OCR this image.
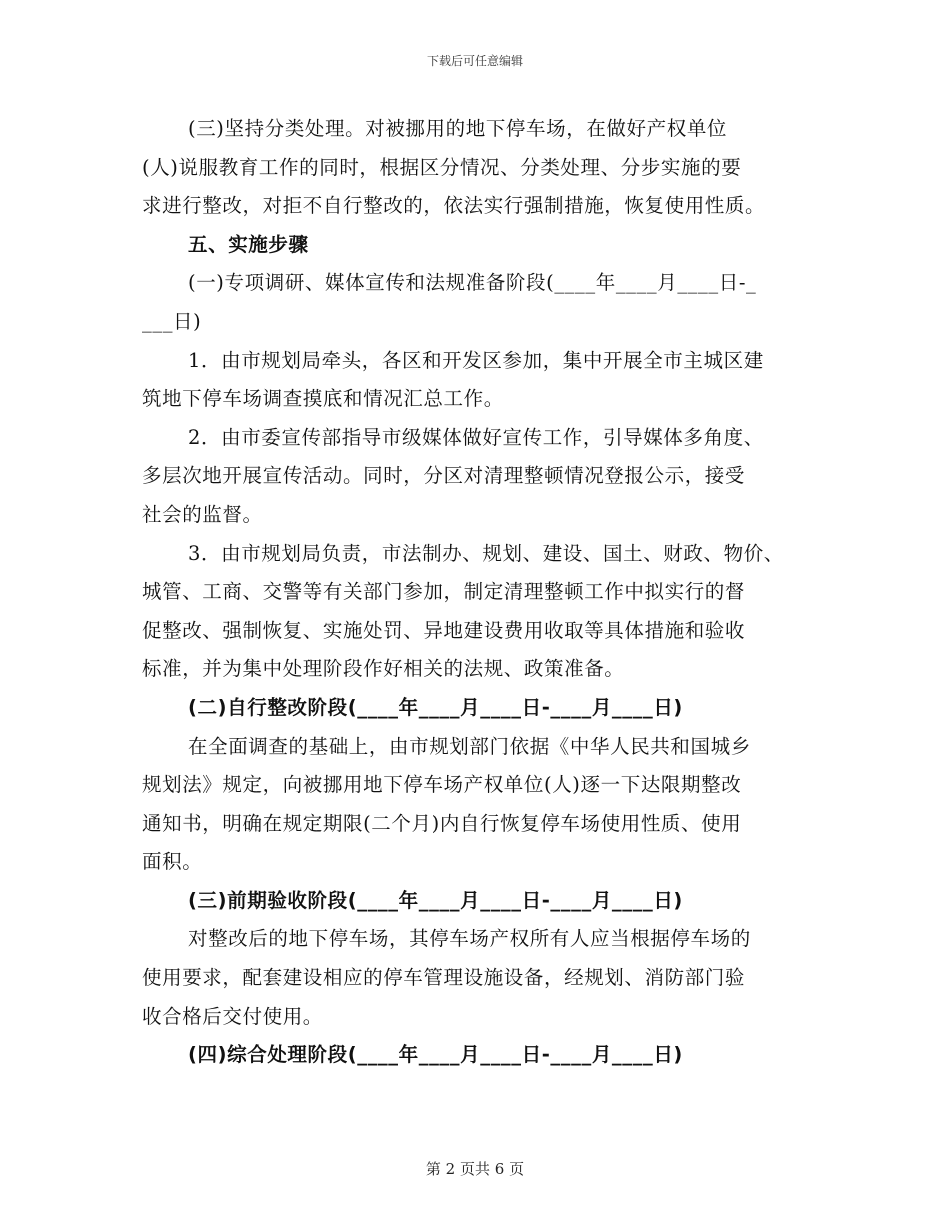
下载后可任意编辑
(三)坚持分类处理。对被挪用的地下停车场，在做好产权单位
(人)说服教育工作的同时，根据区分情况、分类处理、分步实施的要
求进行整改，对拒不自行整改的，依法实行强制措施，恢复使用性质。
五、实施步骤
(一)专项调研、媒体宣传和法规准备阶段(____年____月____日-_
___日)
1．由市规划局牵头，各区和开发区参加，集中开展全市主城区建
筑地下停车场调查摸底和情况汇总工作。
2．由市委宣传部指导市级媒体做好宣传工作，引导媒体多角度、
多层次地开展宣传活动。同时，分区对清理整顿情况登报公示，接受
社会的监督。
3．由市规划局负责，市法制办、规划、建设、国土、财政、物价、
城管、工商、交警等有关部门参加，制定清理整顿工作中拟实行的督
促整改、强制恢复、实施处罚、异地建设费用收取等具体措施和验收
标准，并为集中处理阶段作好相关的法规、政策准备。
(二)自行整改阶段(____年____月____日-____月____日)
在全面调查的基础上，由市规划部门依据《中华人民共和国城乡
规划法》规定，向被挪用地下停车场产权单位(人)逐一下达限期整改
通知书，明确在规定期限(二个月)内自行恢复停车场使用性质、使用
面积。
(三)前期验收阶段(____年____月____日-____月____日)
对整改后的地下停车场，其停车场产权所有人应当根据停车场的
使用要求，配套建设相应的停车管理设施设备，经规划、消防部门验
收合格后交付使用。
(四)综合处理阶段(____年____月____日-____月____日)
第 2 页共 6 页
